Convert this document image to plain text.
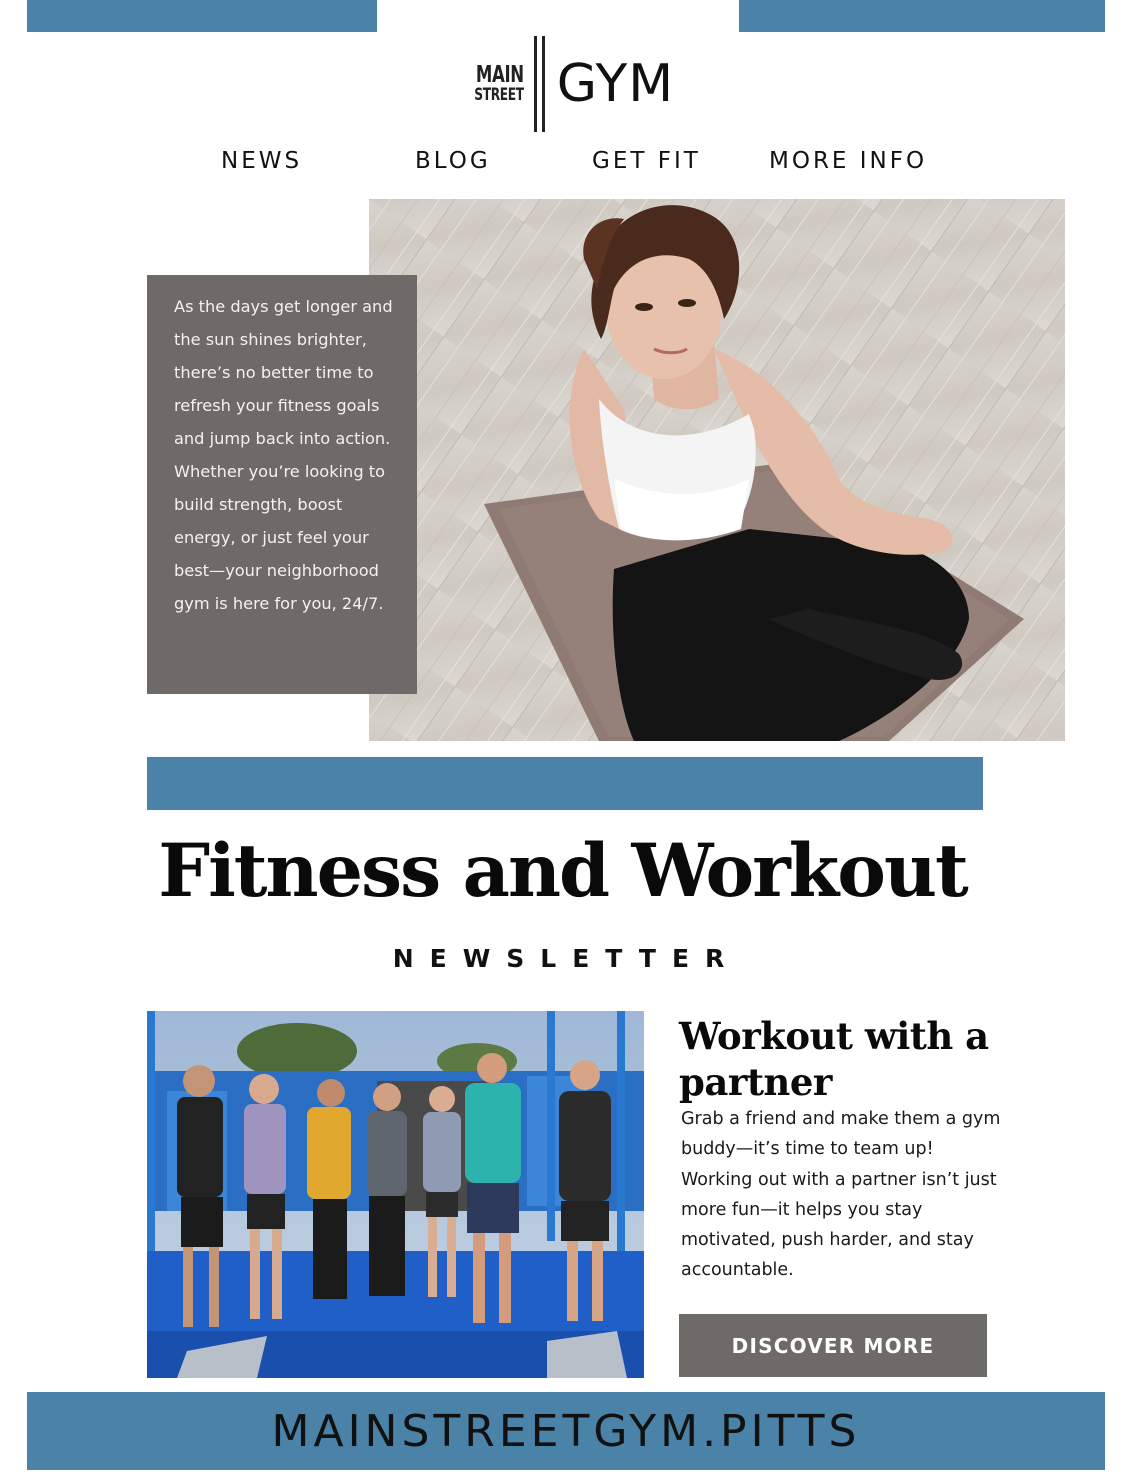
MAIN
STREET GYM
NEWS	BLOG	GET FIT	MORE INFO

As the days get longer and the sun shines brighter, there’s no better time to refresh your fitness goals and jump back into action. Whether you’re looking to build strength, boost energy, or just feel your best—your neighborhood gym is here for you, 24/7.

Fitness and Workout
NEWSLETTER
Workout with a partner

Grab a friend and make them a gym buddy—it’s time to team up!

Working out with a partner isn’t just more fun—it helps you stay motivated, push harder, and stay accountable.

DISCOVER MORE
MAINSTREETGYM.PITTS
